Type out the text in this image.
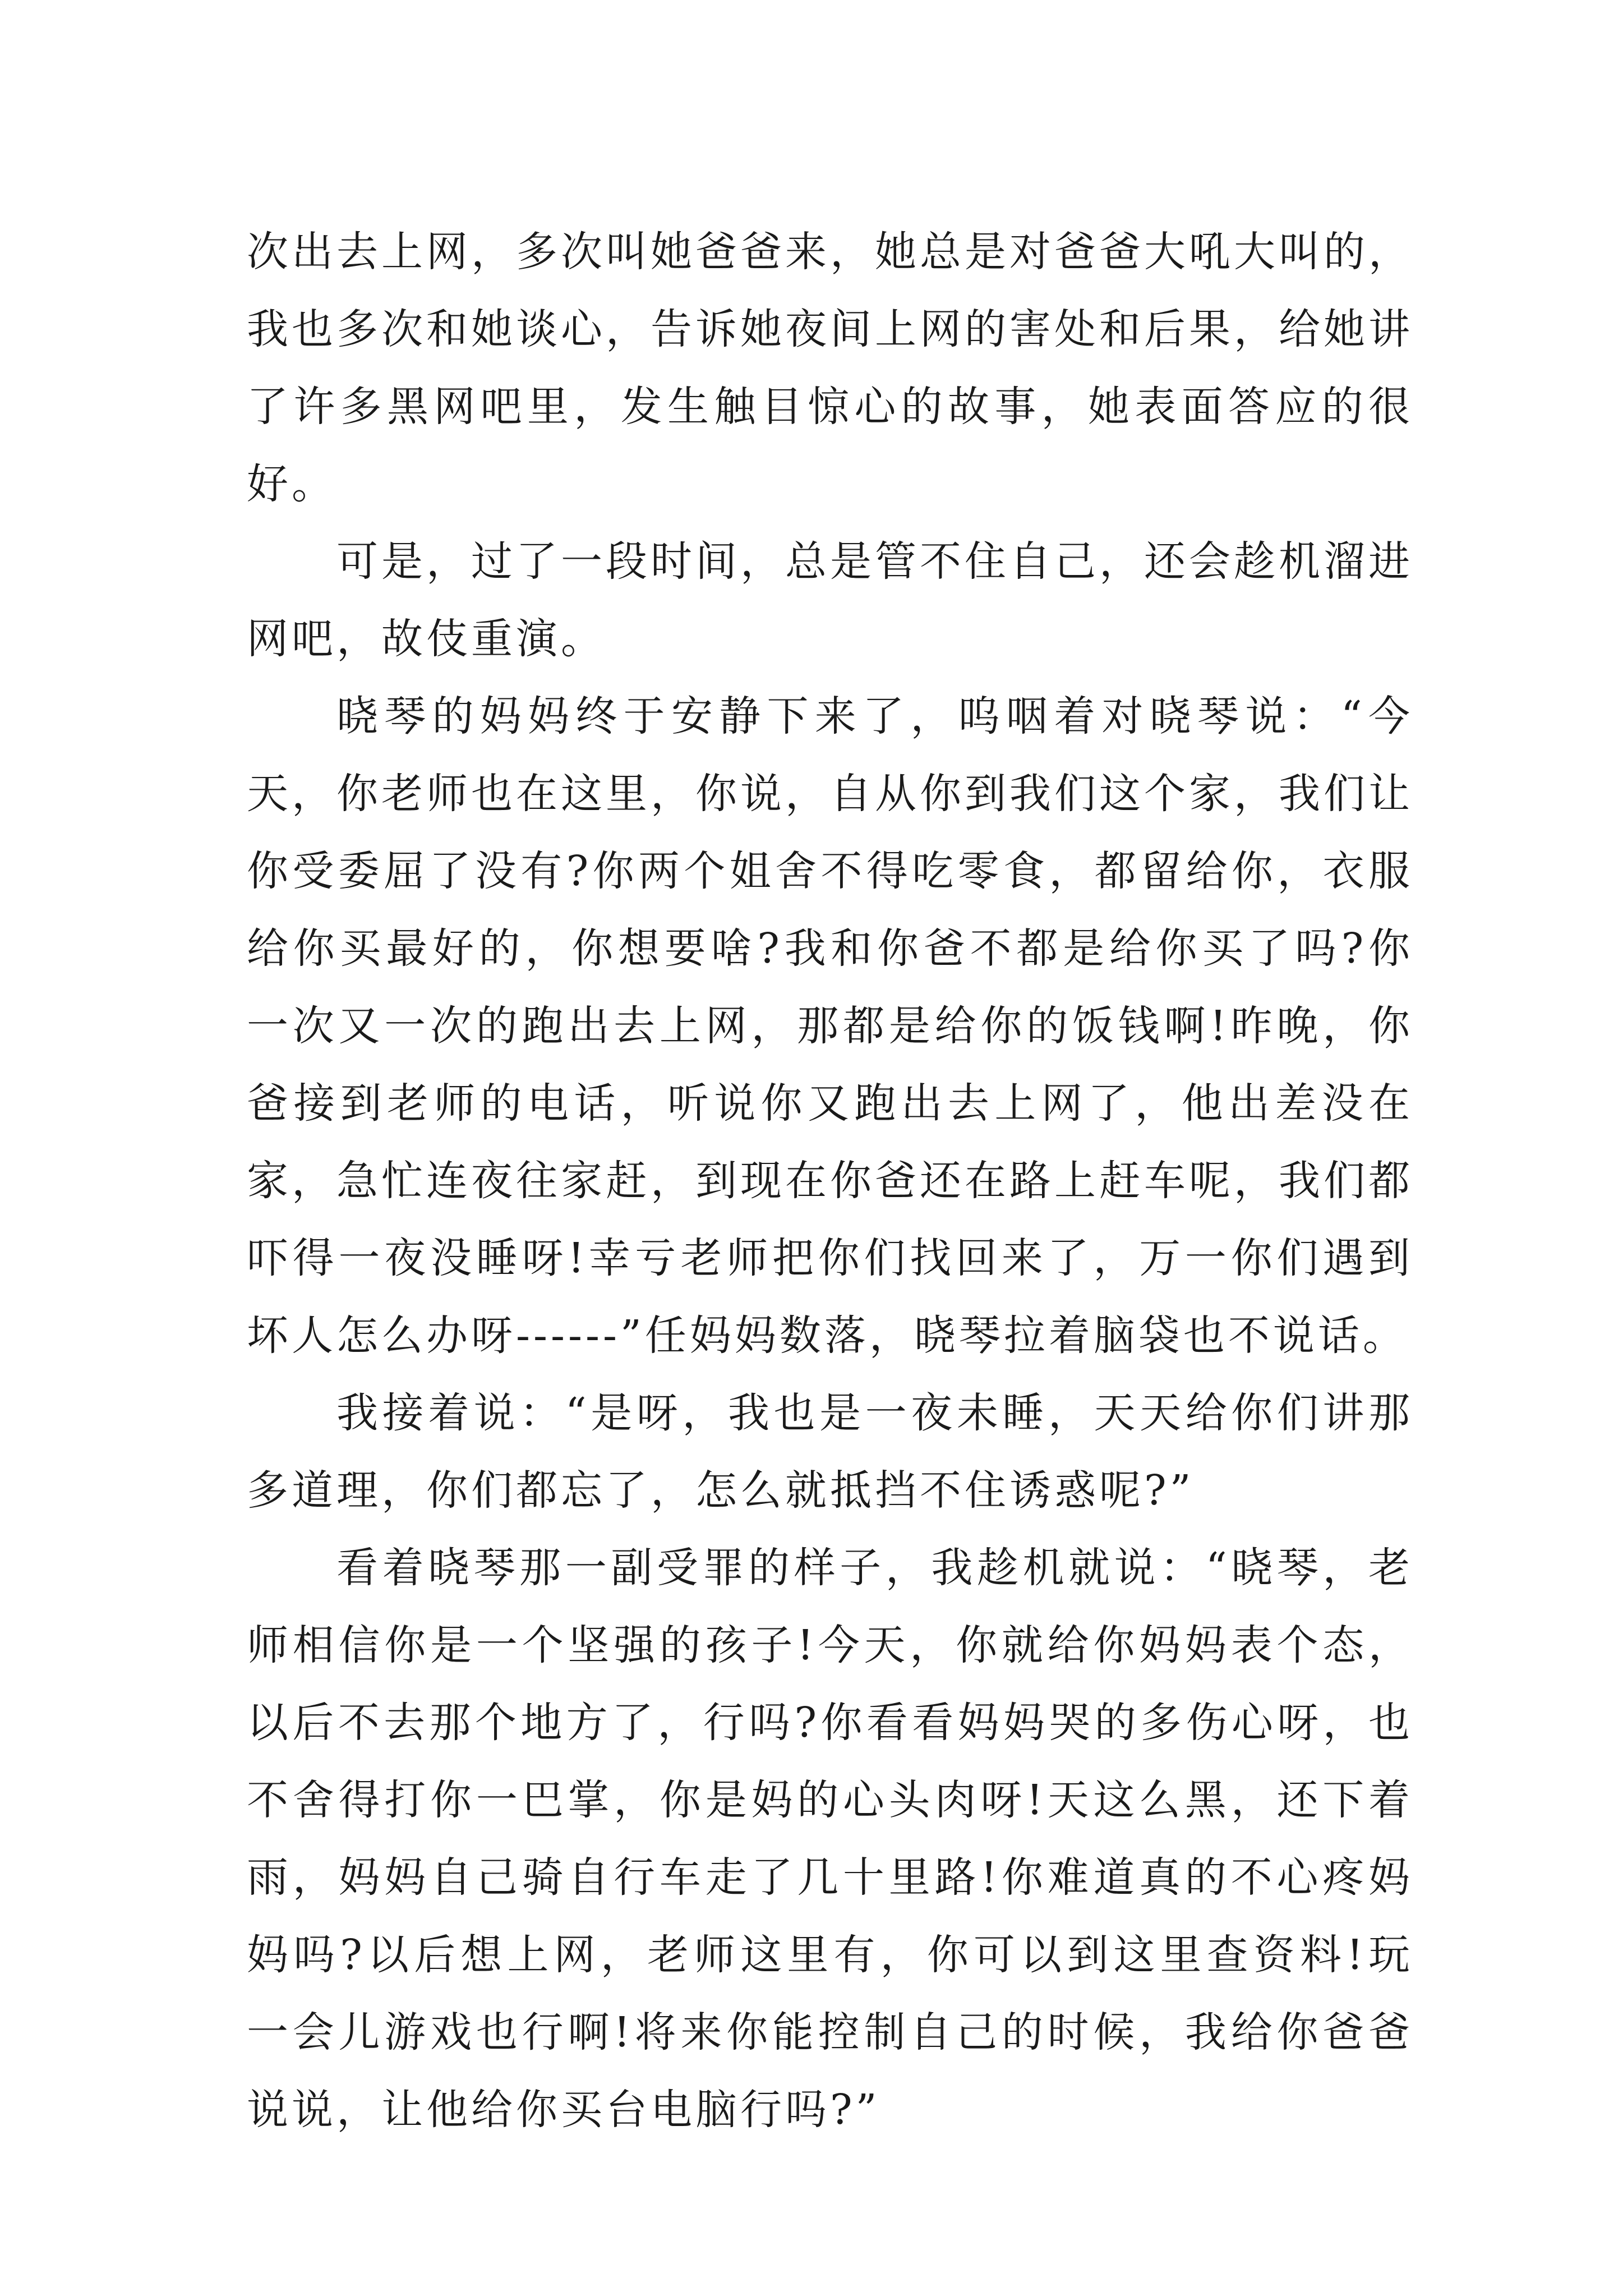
次出去上网，多次叫她爸爸来，她总是对爸爸大吼大叫的，我也多次和她谈心，告诉她夜间上网的害处和后果，给她讲了许多黑网吧里，发生触目惊心的故事，她表面答应的很好。

可是，过了一段时间，总是管不住自己，还会趁机溜进网吧，故伎重演。

晓琴的妈妈终于安静下来了，呜咽着对晓琴说：“今天，你老师也在这里，你说，自从你到我们这个家，我们让你受委屈了没有?你两个姐舍不得吃零食，都留给你，衣服给你买最好的，你想要啥?我和你爸不都是给你买了吗?你一次又一次的跑出去上网，那都是给你的饭钱啊!昨晚，你爸接到老师的电话，听说你又跑出去上网了，他出差没在家，急忙连夜往家赶，到现在你爸还在路上赶车呢，我们都吓得一夜没睡呀!幸亏老师把你们找回来了，万一你们遇到坏人怎么办呀------”任妈妈数落，晓琴拉着脑袋也不说话。

我接着说：“是呀，我也是一夜未睡，天天给你们讲那多道理，你们都忘了，怎么就抵挡不住诱惑呢?”

看着晓琴那一副受罪的样子，我趁机就说：“晓琴，老师相信你是一个坚强的孩子!今天，你就给你妈妈表个态，以后不去那个地方了，行吗?你看看妈妈哭的多伤心呀，也不舍得打你一巴掌，你是妈的心头肉呀!天这么黑，还下着雨，妈妈自己骑自行车走了几十里路!你难道真的不心疼妈妈吗?以后想上网，老师这里有，你可以到这里查资料!玩一会儿游戏也行啊!将来你能控制自己的时候，我给你爸爸说说，让他给你买台电脑行吗?”
